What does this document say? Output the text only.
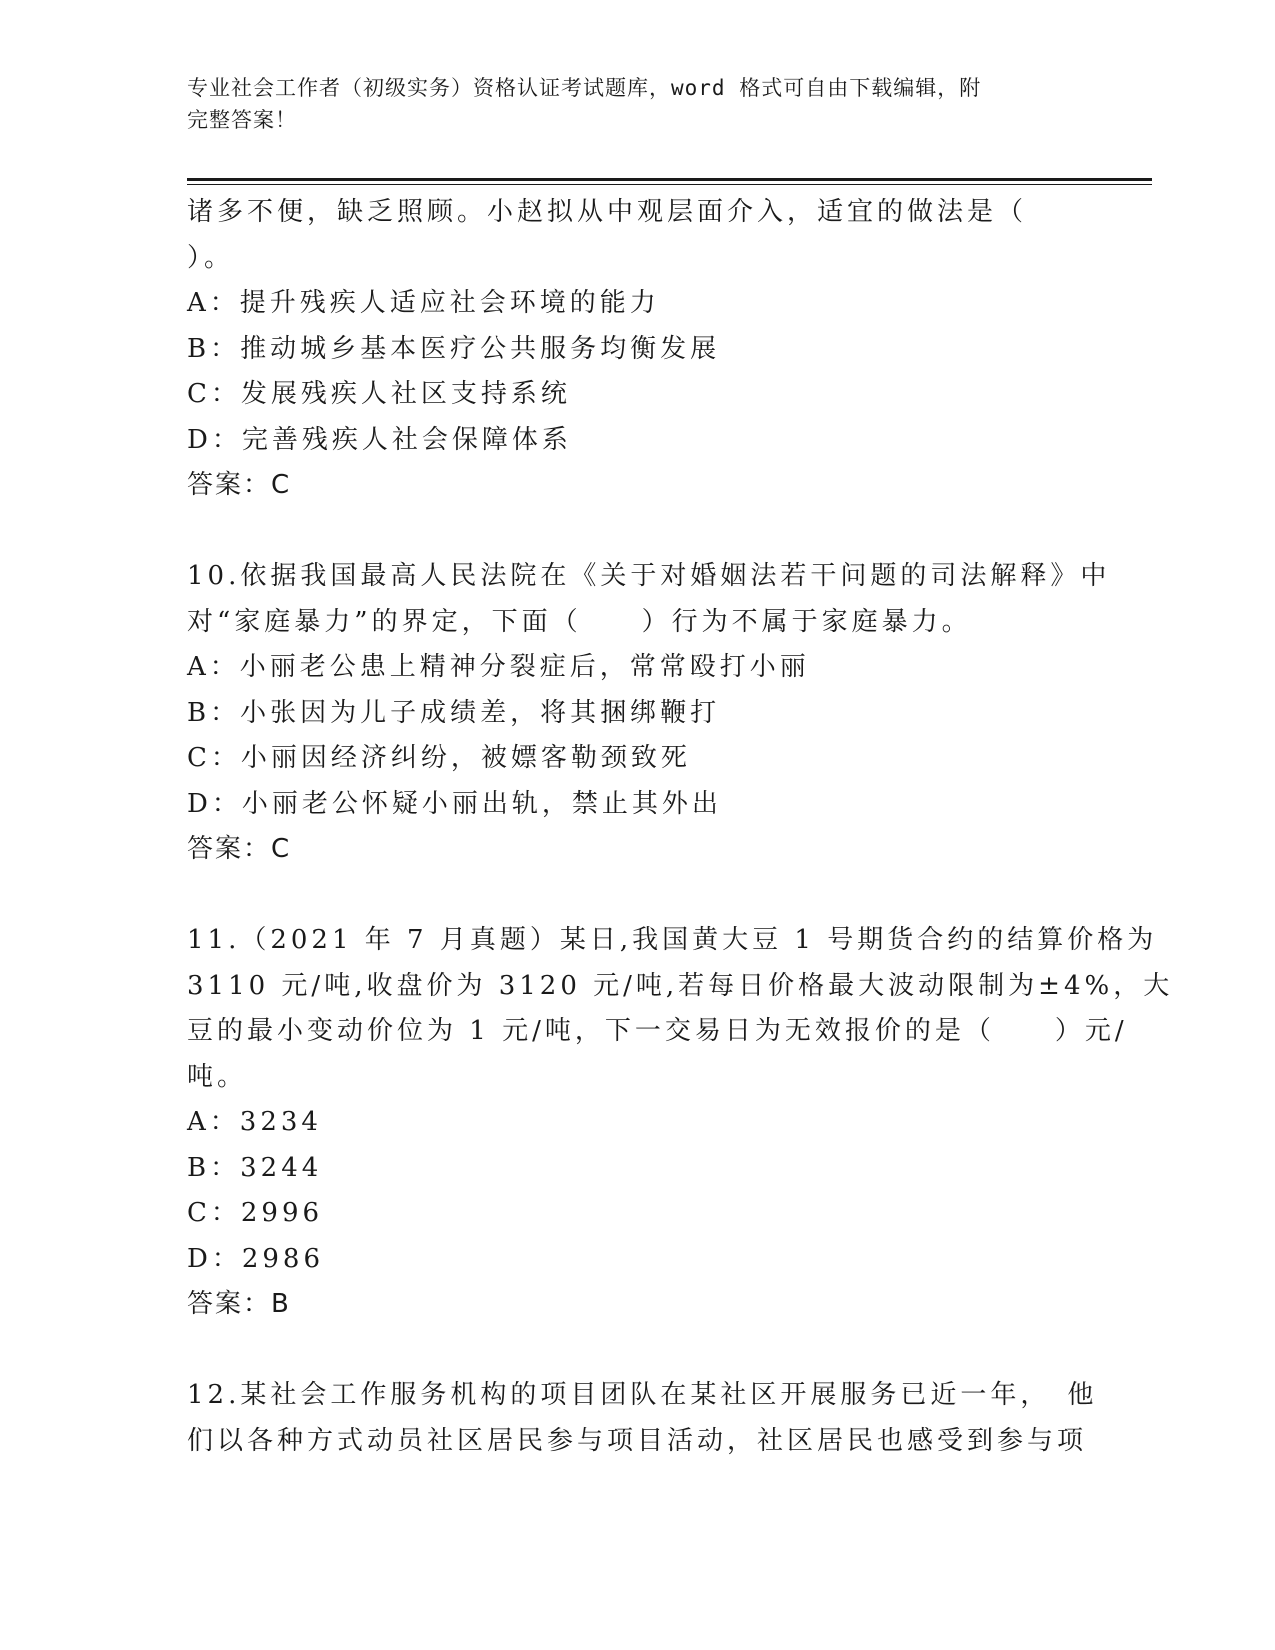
专业社会工作者（初级实务）资格认证考试题库，word 格式可自由下载编辑，附
完整答案！
诸多不便，缺乏照顾。小赵拟从中观层面介入，适宜的做法是（
）。
A：提升残疾人适应社会环境的能力
B：推动城乡基本医疗公共服务均衡发展
C：发展残疾人社区支持系统
D：完善残疾人社会保障体系
答案：C
10.依据我国最高人民法院在《关于对婚姻法若干问题的司法解释》中
对“家庭暴力”的界定，下面（　　）行为不属于家庭暴力。
A：小丽老公患上精神分裂症后，常常殴打小丽
B：小张因为儿子成绩差，将其捆绑鞭打
C：小丽因经济纠纷，被嫖客勒颈致死
D：小丽老公怀疑小丽出轨，禁止其外出
答案：C
11.（2021 年 7 月真题）某日,我国黄大豆 1 号期货合约的结算价格为
3110 元/吨,收盘价为 3120 元/吨,若每日价格最大波动限制为±4%，大
豆的最小变动价位为 1 元/吨，下一交易日为无效报价的是（　　）元/
吨。
A：3234
B：3244
C：2996
D：2986
答案：B
12.某社会工作服务机构的项目团队在某社区开展服务已近一年，　他
们以各种方式动员社区居民参与项目活动，社区居民也感受到参与项
